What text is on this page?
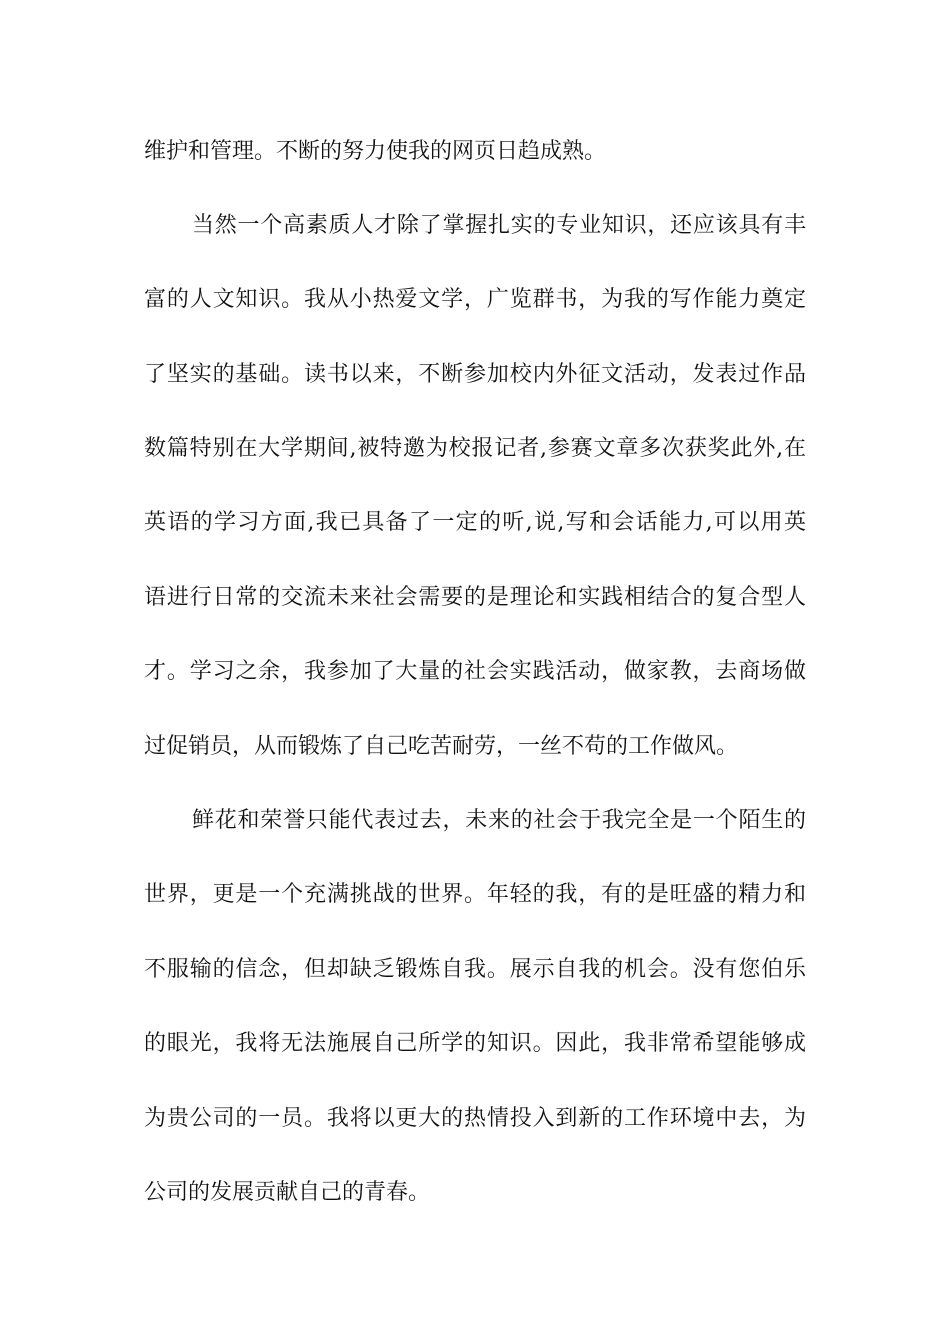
维护和管理。不断的努力使我的网页日趋成熟。
当然一个高素质人才除了掌握扎实的专业知识，还应该具有丰
富的人文知识。我从小热爱文学，广览群书，为我的写作能力奠定
了坚实的基础。读书以来，不断参加校内外征文活动，发表过作品
数篇特别在大学期间,被特邀为校报记者,参赛文章多次获奖此外,在
英语的学习方面,我已具备了一定的听,说,写和会话能力,可以用英
语进行日常的交流未来社会需要的是理论和实践相结合的复合型人
才。学习之余，我参加了大量的社会实践活动，做家教，去商场做
过促销员，从而锻炼了自己吃苦耐劳，一丝不苟的工作做风。
鲜花和荣誉只能代表过去，未来的社会于我完全是一个陌生的
世界，更是一个充满挑战的世界。年轻的我，有的是旺盛的精力和
不服输的信念，但却缺乏锻炼自我。展示自我的机会。没有您伯乐
的眼光，我将无法施展自己所学的知识。因此，我非常希望能够成
为贵公司的一员。我将以更大的热情投入到新的工作环境中去，为
公司的发展贡献自己的青春。
